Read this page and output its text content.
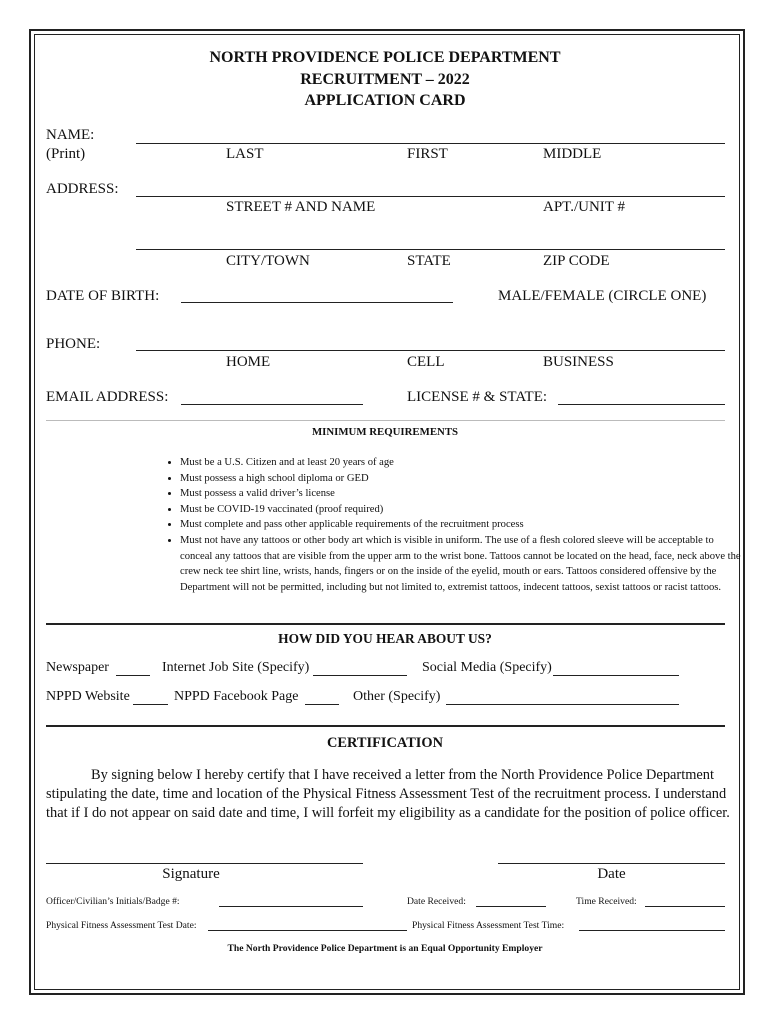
NORTH PROVIDENCE POLICE DEPARTMENT
RECRUITMENT – 2022
APPLICATION CARD
NAME:
(Print)	LAST	FIRST	MIDDLE
ADDRESS:
STREET # AND NAME	APT./UNIT #
CITY/TOWN	STATE	ZIP CODE
DATE OF BIRTH:	MALE/FEMALE (CIRCLE ONE)
PHONE:
HOME	CELL	BUSINESS
EMAIL ADDRESS:	LICENSE # & STATE:
MINIMUM REQUIREMENTS
• Must be a U.S. Citizen and at least 20 years of age
• Must possess a high school diploma or GED
• Must possess a valid driver’s license
• Must be COVID-19 vaccinated (proof required)
• Must complete and pass other applicable requirements of the recruitment process
• Must not have any tattoos or other body art which is visible in uniform. The use of a flesh colored sleeve will be acceptable to conceal any tattoos that are visible from the upper arm to the wrist bone. Tattoos cannot be located on the head, face, neck above the crew neck tee shirt line, wrists, hands, fingers or on the inside of the eyelid, mouth or ears. Tattoos considered offensive by the Department will not be permitted, including but not limited to, extremist tattoos, indecent tattoos, sexist tattoos or racist tattoos.
HOW DID YOU HEAR ABOUT US?
Newspaper	Internet Job Site (Specify)	Social Media (Specify)
NPPD Website	NPPD Facebook Page	Other (Specify)
CERTIFICATION
By signing below I hereby certify that I have received a letter from the North Providence Police Department stipulating the date, time and location of the Physical Fitness Assessment Test of the recruitment process. I understand that if I do not appear on said date and time, I will forfeit my eligibility as a candidate for the position of police officer.
Signature	Date
Officer/Civilian’s Initials/Badge #:	Date Received:	Time Received:
Physical Fitness Assessment Test Date:	Physical Fitness Assessment Test Time:
The North Providence Police Department is an Equal Opportunity Employer
